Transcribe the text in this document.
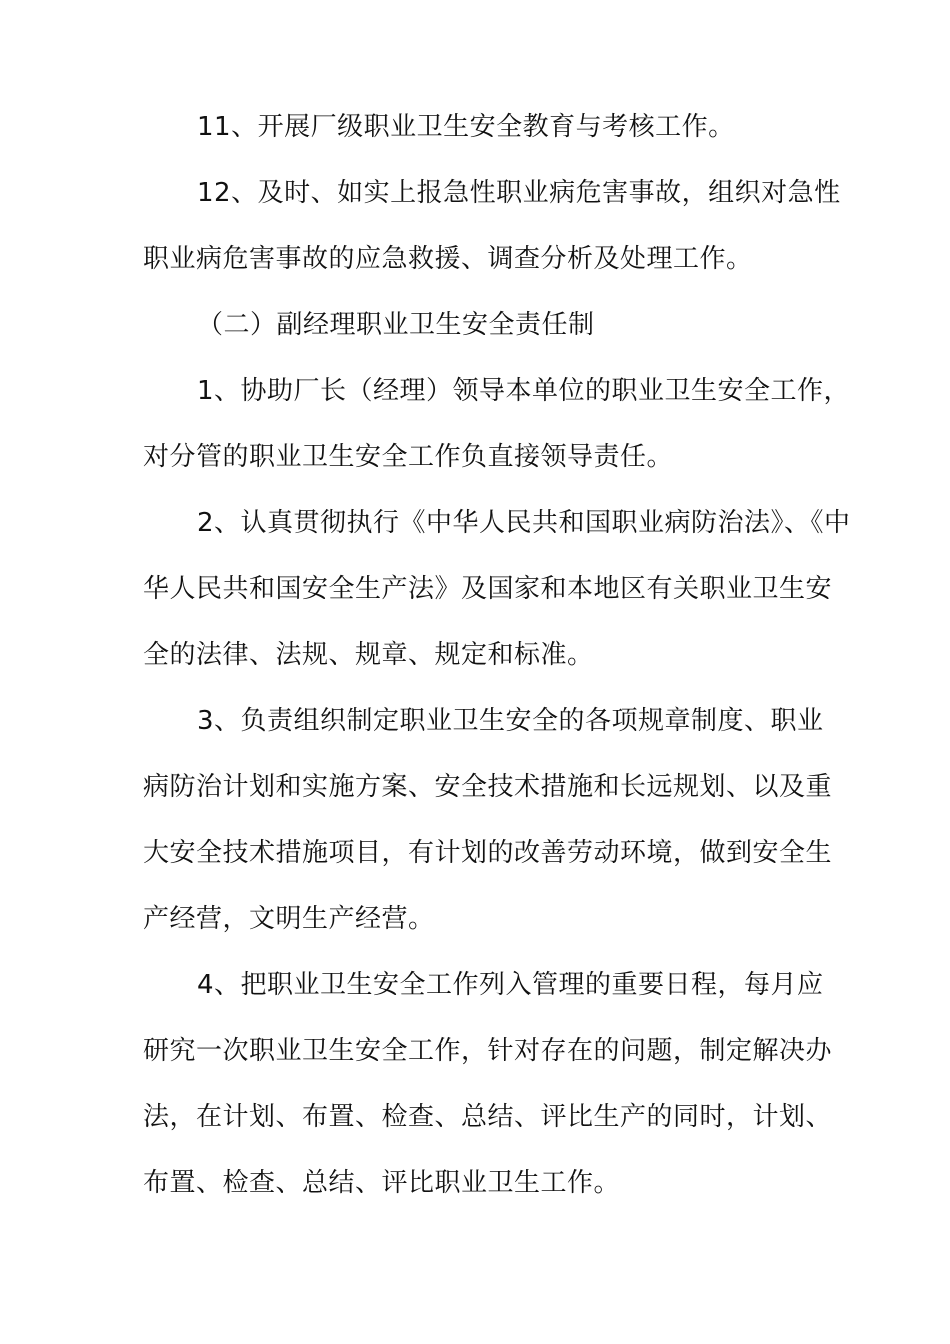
11、开展厂级职业卫生安全教育与考核工作。
12、及时、如实上报急性职业病危害事故，组织对急性
职业病危害事故的应急救援、调查分析及处理工作。
（二）副经理职业卫生安全责任制
1、协助厂长（经理）领导本单位的职业卫生安全工作，
对分管的职业卫生安全工作负直接领导责任。
2、认真贯彻执行《中华人民共和国职业病防治法》、《中
华人民共和国安全生产法》及国家和本地区有关职业卫生安
全的法律、法规、规章、规定和标准。
3、负责组织制定职业卫生安全的各项规章制度、职业
病防治计划和实施方案、安全技术措施和长远规划、以及重
大安全技术措施项目，有计划的改善劳动环境，做到安全生
产经营，文明生产经营。
4、把职业卫生安全工作列入管理的重要日程，每月应
研究一次职业卫生安全工作，针对存在的问题，制定解决办
法，在计划、布置、检查、总结、评比生产的同时，计划、
布置、检查、总结、评比职业卫生工作。
